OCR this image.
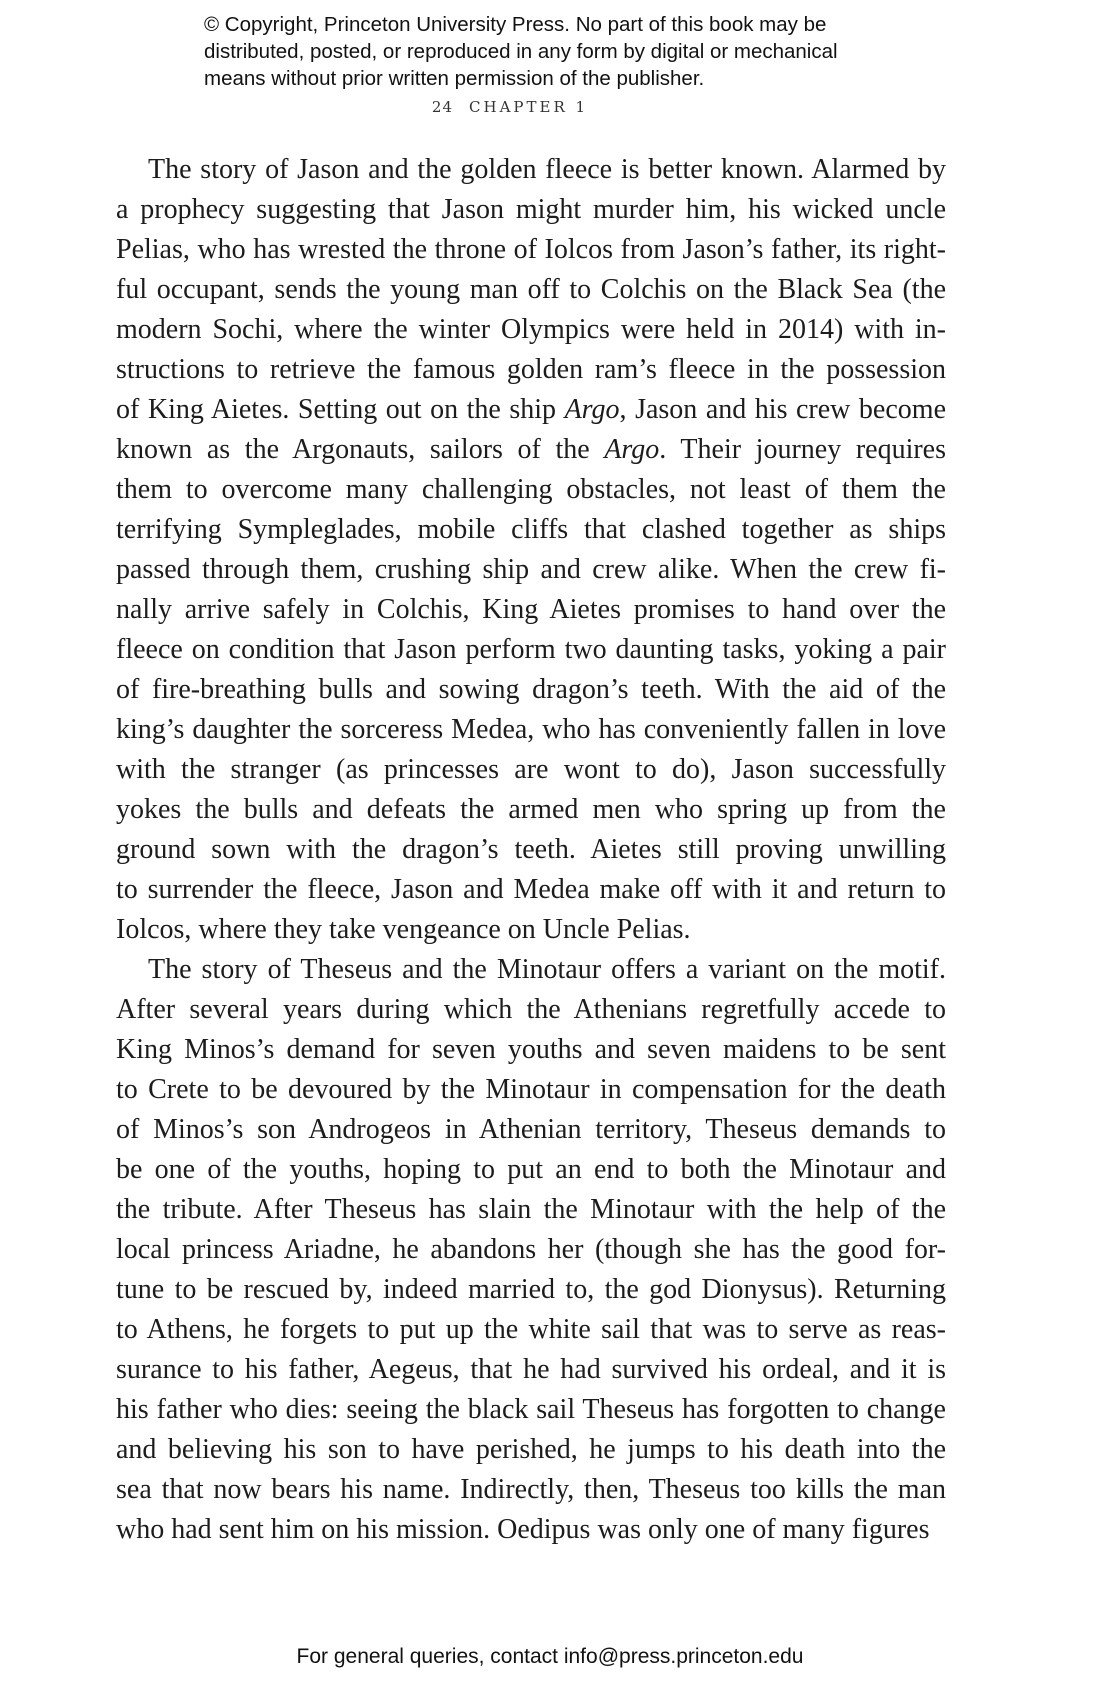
© Copyright, Princeton University Press. No part of this book may be
distributed, posted, or reproduced in any form by digital or mechanical
means without prior written permission of the publisher.
24 CHAPTER 1
The story of Jason and the golden fleece is better known. Alarmed by
a prophecy suggesting that Jason might murder him, his wicked uncle
Pelias, who has wrested the throne of Iolcos from Jason’s father, its right-
ful occupant, sends the young man off to Colchis on the Black Sea (the
modern Sochi, where the winter Olympics were held in 2014) with in-
structions to retrieve the famous golden ram’s fleece in the possession
of King Aietes. Setting out on the ship Argo, Jason and his crew become
known as the Argonauts, sailors of the Argo. Their journey requires
them to overcome many challenging obstacles, not least of them the
terrifying Sympleglades, mobile cliffs that clashed together as ships
passed through them, crushing ship and crew alike. When the crew fi-
nally arrive safely in Colchis, King Aietes promises to hand over the
fleece on condition that Jason perform two daunting tasks, yoking a pair
of fire-breathing bulls and sowing dragon’s teeth. With the aid of the
king’s daughter the sorceress Medea, who has conveniently fallen in love
with the stranger (as princesses are wont to do), Jason successfully
yokes the bulls and defeats the armed men who spring up from the
ground sown with the dragon’s teeth. Aietes still proving unwilling
to surrender the fleece, Jason and Medea make off with it and return to
Iolcos, where they take vengeance on Uncle Pelias.
The story of Theseus and the Minotaur offers a variant on the motif.
After several years during which the Athenians regretfully accede to
King Minos’s demand for seven youths and seven maidens to be sent
to Crete to be devoured by the Minotaur in compensation for the death
of Minos’s son Androgeos in Athenian territory, Theseus demands to
be one of the youths, hoping to put an end to both the Minotaur and
the tribute. After Theseus has slain the Minotaur with the help of the
local princess Ariadne, he abandons her (though she has the good for-
tune to be rescued by, indeed married to, the god Dionysus). Returning
to Athens, he forgets to put up the white sail that was to serve as reas-
surance to his father, Aegeus, that he had survived his ordeal, and it is
his father who dies: seeing the black sail Theseus has forgotten to change
and believing his son to have perished, he jumps to his death into the
sea that now bears his name. Indirectly, then, Theseus too kills the man
who had sent him on his mission. Oedipus was only one of many figures
For general queries, contact info@press.princeton.edu
